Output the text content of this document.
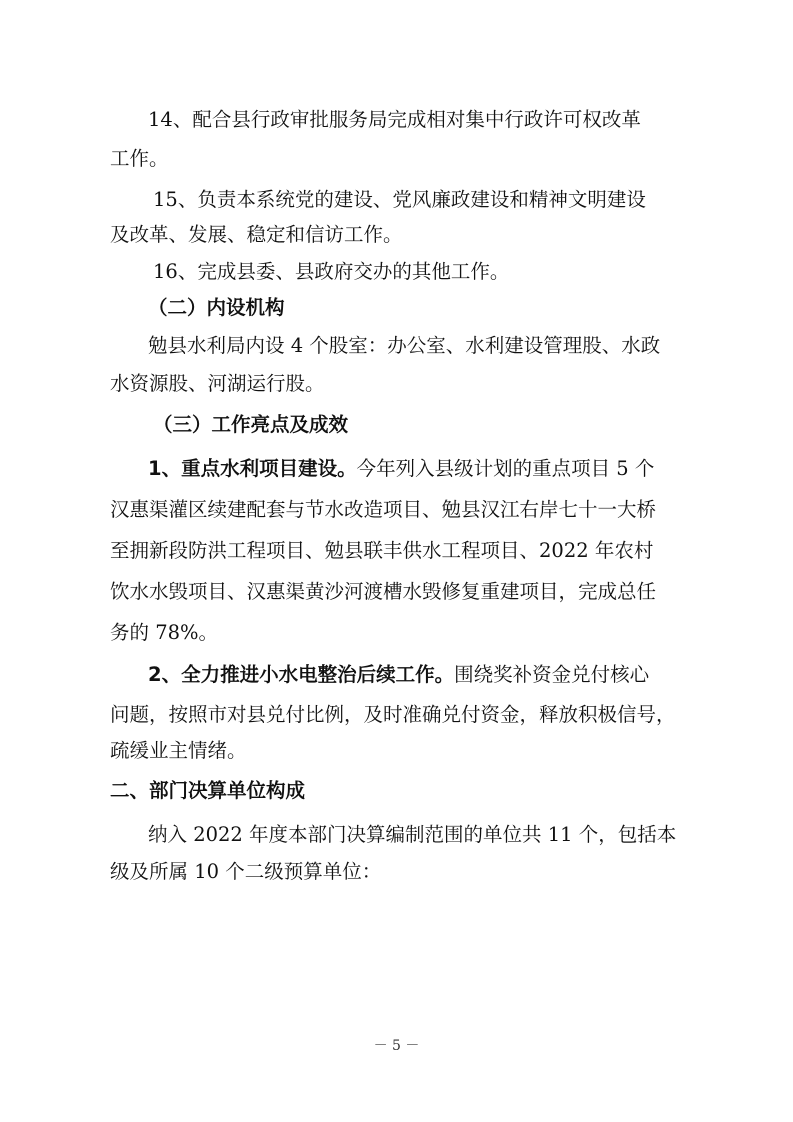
14、配合县行政审批服务局完成相对集中行政许可权改革
工作。
15、负责本系统党的建设、党风廉政建设和精神文明建设
及改革、发展、稳定和信访工作。
16、完成县委、县政府交办的其他工作。
（二）内设机构
勉县水利局内设 4 个股室：办公室、水利建设管理股、水政
水资源股、河湖运行股。
（三）工作亮点及成效
1、重点水利项目建设。今年列入县级计划的重点项目 5 个
汉惠渠灌区续建配套与节水改造项目、勉县汉江右岸七十一大桥
至拥新段防洪工程项目、勉县联丰供水工程项目、2022 年农村
饮水水毁项目、汉惠渠黄沙河渡槽水毁修复重建项目，完成总任
务的 78%。
2、全力推进小水电整治后续工作。围绕奖补资金兑付核心
问题，按照市对县兑付比例，及时准确兑付资金，释放积极信号，
疏缓业主情绪。
二、部门决算单位构成
纳入 2022 年度本部门决算编制范围的单位共 11 个，包括本
级及所属 10 个二级预算单位：
－ 5 －
